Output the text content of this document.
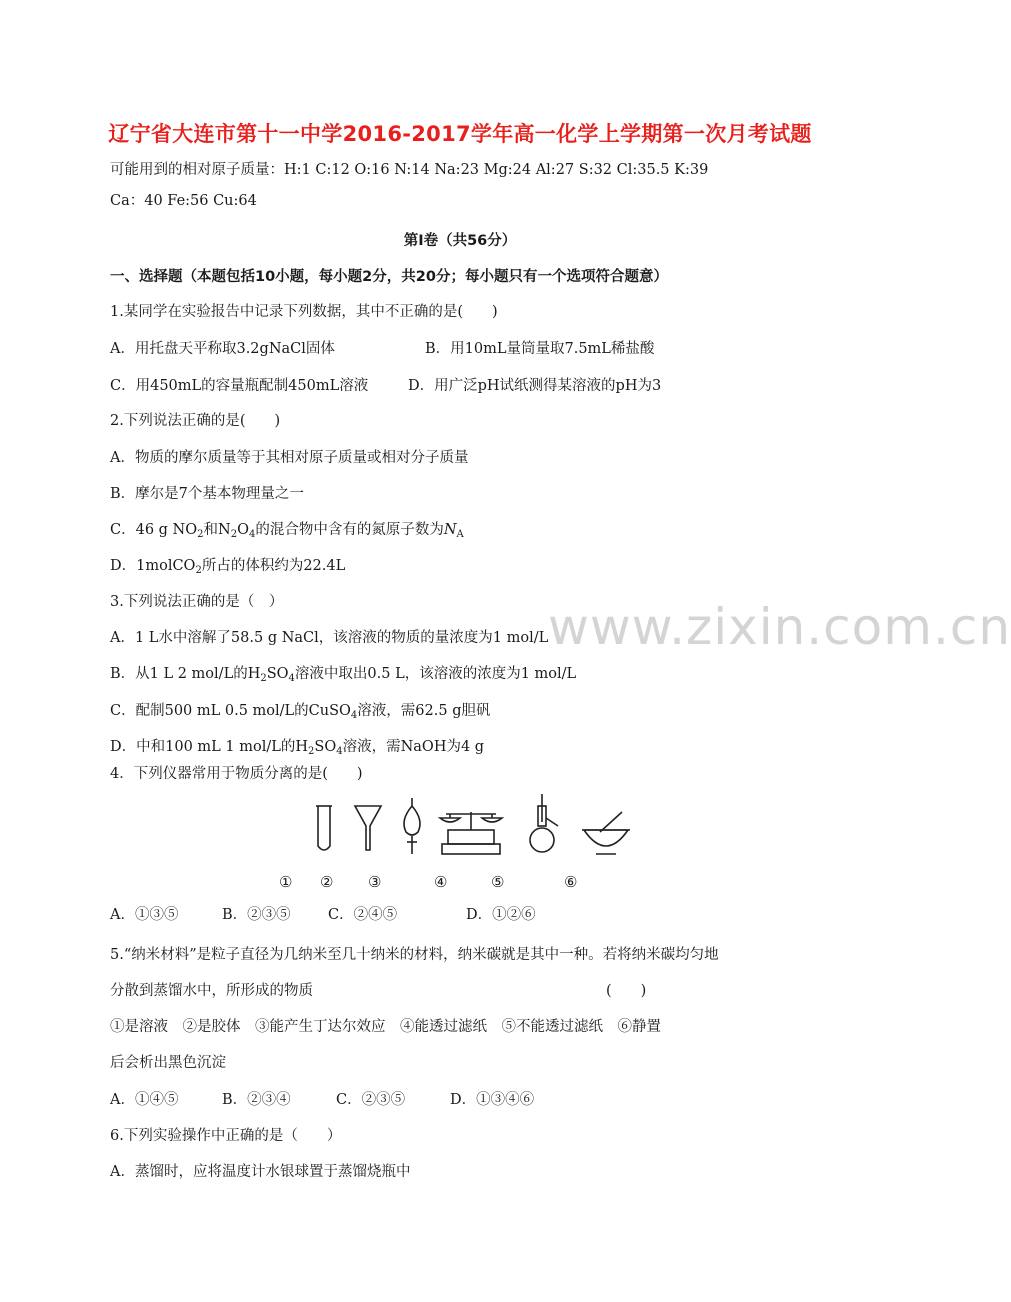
辽宁省大连市第十一中学2016-2017学年高一化学上学期第一次月考试题
可能用到的相对原子质量：H:1 C:12 O:16 N:14 Na:23 Mg:24 Al:27 S:32 Cl:35.5 K:39
Ca：40 Fe:56 Cu:64
第Ⅰ卷（共56分）
一、选择题（本题包括10小题，每小题2分，共20分；每小题只有一个选项符合题意）
1.某同学在实验报告中记录下列数据，其中不正确的是(　　)
A．用托盘天平称取3.2gNaCl固体	B．用10mL量筒量取7.5mL稀盐酸
C．用450mL的容量瓶配制450mL溶液	D．用广泛pH试纸测得某溶液的pH为3
2.下列说法正确的是(　　)
A．物质的摩尔质量等于其相对原子质量或相对分子质量
B．摩尔是7个基本物理量之一
C．46 g $NO_2$和$N_2O_4$的混合物中含有的氮原子数为$N_A$
D．1molCO$_2$所占的体积约为22.4L
3.下列说法正确的是（　）
A．1 L水中溶解了58.5 g NaCl，该溶液的物质的量浓度为1 mol/L
B．从1 L 2 mol/L的$H_2SO_4$溶液中取出0.5 L，该溶液的浓度为1 mol/L
C．配制500 mL 0.5 mol/L的CuSO$_4$溶液，需62.5 g胆矾
D．中和100 mL 1 mol/L的$H_2SO_4$溶液，需NaOH为4 g
www.zixin.com.cn
4．下列仪器常用于物质分离的是(　　)
① ② ③	④	⑤	⑥
A．①③⑤	B．②③⑤	C．②④⑤	D．①②⑥
5.“纳米材料”是粒子直径为几纳米至几十纳米的材料，纳米碳就是其中一种。若将纳米碳均匀地
分散到蒸馏水中，所形成的物质	(　　)
①是溶液　②是胶体　③能产生丁达尔效应　④能透过滤纸　⑤不能透过滤纸　⑥静置
后会析出黑色沉淀
A．①④⑤	B．②③④	C．②③⑤	D．①③④⑥
6.下列实验操作中正确的是（　　）
A．蒸馏时，应将温度计水银球置于蒸馏烧瓶中
